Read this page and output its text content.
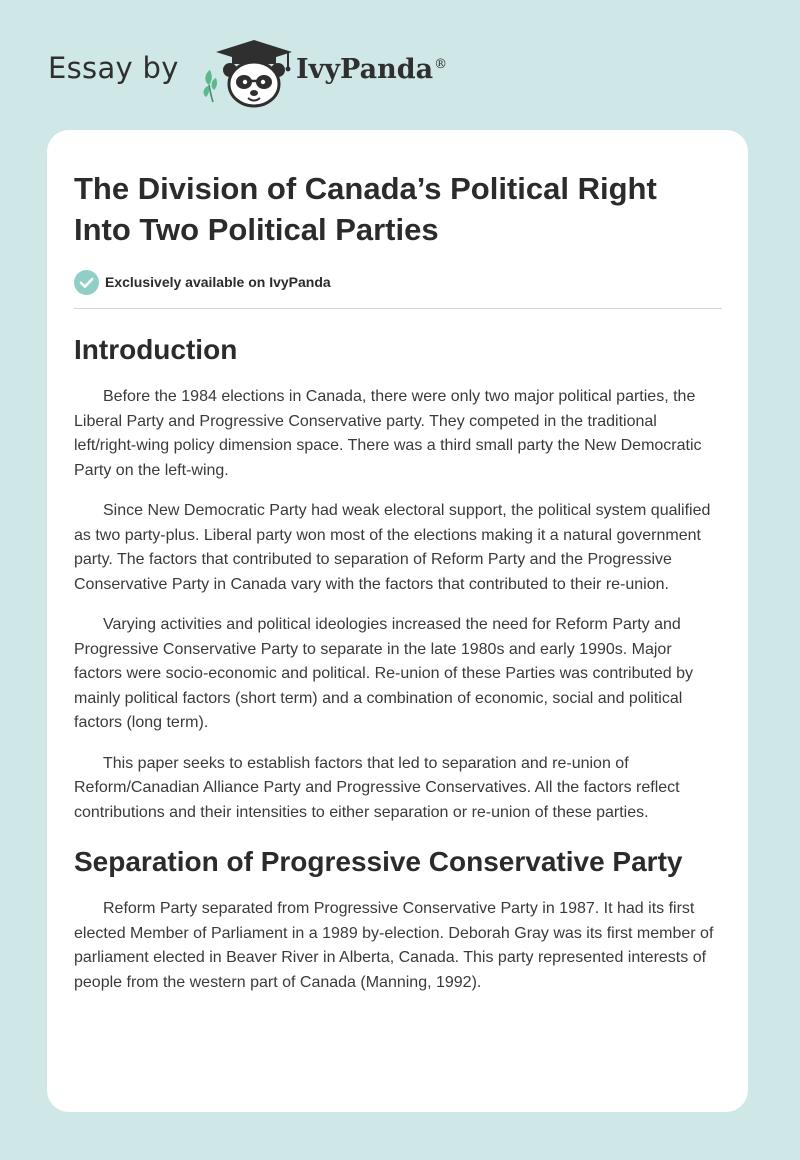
Essay by	IvyPanda®
The Division of Canada’s Political Right Into Two Political Parties
Exclusively available on IvyPanda
Introduction

Before the 1984 elections in Canada, there were only two major political parties, the Liberal Party and Progressive Conservative party. They competed in the traditional left/right-wing policy dimension space. There was a third small party the New Democratic Party on the left-wing.

Since New Democratic Party had weak electoral support, the political system qualified as two party-plus. Liberal party won most of the elections making it a natural government party. The factors that contributed to separation of Reform Party and the Progressive Conservative Party in Canada vary with the factors that contributed to their re-union.

Varying activities and political ideologies increased the need for Reform Party and Progressive Conservative Party to separate in the late 1980s and early 1990s. Major factors were socio-economic and political. Re-union of these Parties was contributed by mainly political factors (short term) and a combination of economic, social and political factors (long term).

This paper seeks to establish factors that led to separation and re-union of Reform/Canadian Alliance Party and Progressive Conservatives. All the factors reflect contributions and their intensities to either separation or re-union of these parties.

Separation of Progressive Conservative Party

Reform Party separated from Progressive Conservative Party in 1987. It had its first elected Member of Parliament in a 1989 by-election. Deborah Gray was its first member of parliament elected in Beaver River in Alberta, Canada. This party represented interests of people from the western part of Canada (Manning, 1992).
